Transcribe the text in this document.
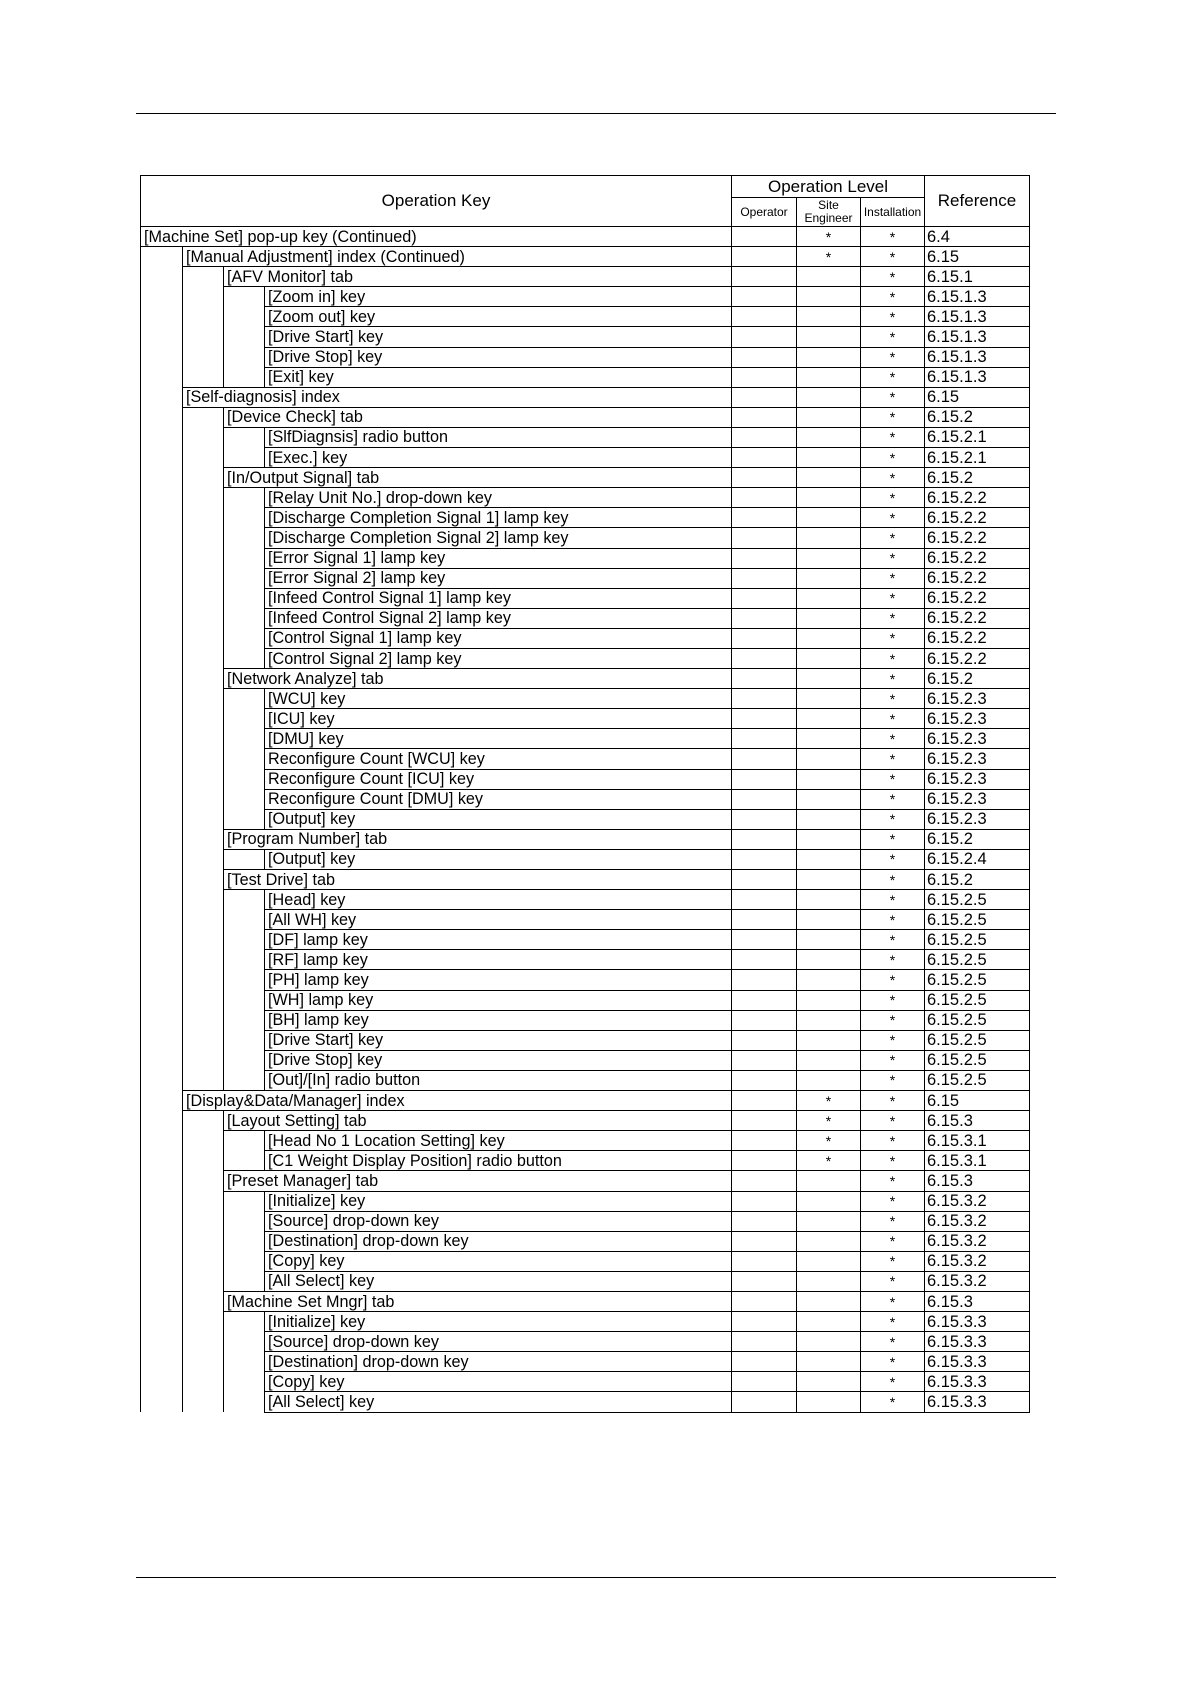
Operation Key				Operation Level			Reference
				Operator	Site Engineer	Installation	
[Machine Set] pop-up key (Continued)					*	*	6.4
	[Manual Adjustment] index (Continued)				*	*	6.15
		[AFV Monitor] tab				*	6.15.1
			[Zoom in] key			*	6.15.1.3
			[Zoom out] key			*	6.15.1.3
			[Drive Start] key			*	6.15.1.3
			[Drive Stop] key			*	6.15.1.3
			[Exit] key			*	6.15.1.3
	[Self-diagnosis] index					*	6.15
		[Device Check] tab				*	6.15.2
			[SlfDiagnsis] radio button			*	6.15.2.1
			[Exec.] key			*	6.15.2.1
		[In/Output Signal] tab				*	6.15.2
			[Relay Unit No.] drop-down key			*	6.15.2.2
			[Discharge Completion Signal 1] lamp key			*	6.15.2.2
			[Discharge Completion Signal 2] lamp key			*	6.15.2.2
			[Error Signal 1] lamp key			*	6.15.2.2
			[Error Signal 2] lamp key			*	6.15.2.2
			[Infeed Control Signal 1] lamp key			*	6.15.2.2
			[Infeed Control Signal 2] lamp key			*	6.15.2.2
			[Control Signal 1] lamp key			*	6.15.2.2
			[Control Signal 2] lamp key			*	6.15.2.2
		[Network Analyze] tab				*	6.15.2
			[WCU] key			*	6.15.2.3
			[ICU] key			*	6.15.2.3
			[DMU] key			*	6.15.2.3
			Reconfigure Count [WCU] key			*	6.15.2.3
			Reconfigure Count [ICU] key			*	6.15.2.3
			Reconfigure Count [DMU] key			*	6.15.2.3
			[Output] key			*	6.15.2.3
		[Program Number] tab				*	6.15.2
			[Output] key			*	6.15.2.4
		[Test Drive] tab				*	6.15.2
			[Head] key			*	6.15.2.5
			[All WH] key			*	6.15.2.5
			[DF] lamp key			*	6.15.2.5
			[RF] lamp key			*	6.15.2.5
			[PH] lamp key			*	6.15.2.5
			[WH] lamp key			*	6.15.2.5
			[BH] lamp key			*	6.15.2.5
			[Drive Start] key			*	6.15.2.5
			[Drive Stop] key			*	6.15.2.5
			[Out]/[In] radio button			*	6.15.2.5
	[Display&Data/Manager] index				*	*	6.15
		[Layout Setting] tab			*	*	6.15.3
			[Head No 1 Location Setting] key		*	*	6.15.3.1
			[C1 Weight Display Position] radio button		*	*	6.15.3.1
		[Preset Manager] tab				*	6.15.3
			[Initialize] key			*	6.15.3.2
			[Source] drop-down key			*	6.15.3.2
			[Destination] drop-down key			*	6.15.3.2
			[Copy] key			*	6.15.3.2
			[All Select] key			*	6.15.3.2
		[Machine Set Mngr] tab				*	6.15.3
			[Initialize] key			*	6.15.3.3
			[Source] drop-down key			*	6.15.3.3
			[Destination] drop-down key			*	6.15.3.3
			[Copy] key			*	6.15.3.3
			[All Select] key			*	6.15.3.3
